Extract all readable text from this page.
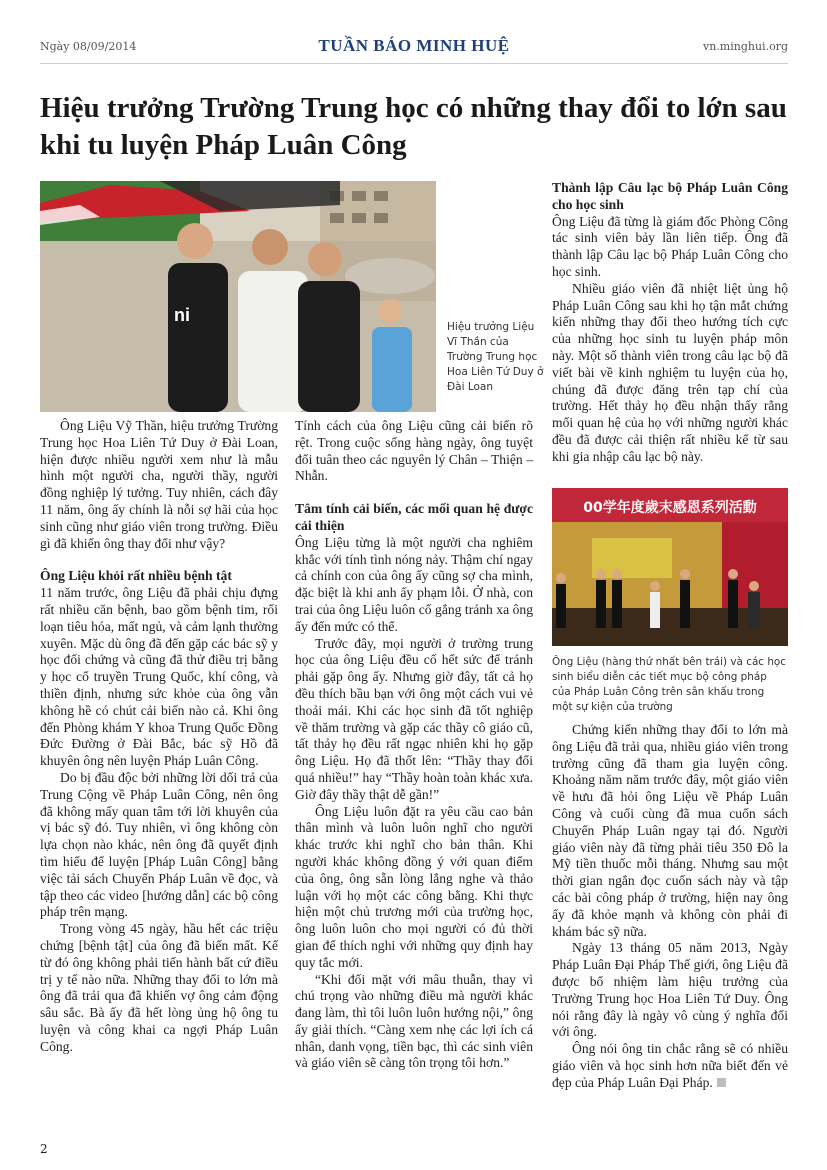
Ngày 08/09/2014	TUẦN BÁO MINH HUỆ	vn.minghui.org
Hiệu trưởng Trường Trung học có những thay đổi to lớn sau khi tu luyện Pháp Luân Công
ni
Hiệu trưởng Liệu Vĩ Thần của Trường Trung học Hoa Liên Tứ Duy ở Đài Loan

Ông Liệu Vỹ Thần, hiệu trưởng Trường Trung học Hoa Liên Tứ Duy ở Đài Loan, hiện được nhiều người xem như là mẫu hình một người cha, người thầy, người đồng nghiệp lý tưởng. Tuy nhiên, cách đây 11 năm, ông ấy chính là nỗi sợ hãi của học sinh cũng như giáo viên trong trường. Điều gì đã khiến ông thay đổi như vậy?

Ông Liệu khỏi rất nhiều bệnh tật

11 năm trước, ông Liệu đã phải chịu đựng rất nhiều căn bệnh, bao gồm bệnh tim, rối loạn tiêu hóa, mất ngủ, và cảm lạnh thường xuyên. Mặc dù ông đã đến gặp các bác sỹ y học đối chứng và cũng đã thử điều trị bằng y học cổ truyền Trung Quốc, khí công, và thiền định, nhưng sức khỏe của ông vẫn không hề có chút cải biến nào cả. Khi ông đến Phòng khám Y khoa Trung Quốc Đồng Đức Đường ở Đài Bắc, bác sỹ Hồ đã khuyên ông nên luyện Pháp Luân Công.

Do bị đầu độc bởi những lời dối trá của Trung Cộng về Pháp Luân Công, nên ông đã không mấy quan tâm tới lời khuyên của vị bác sỹ đó. Tuy nhiên, vì ông không còn lựa chọn nào khác, nên ông đã quyết định tìm hiểu để luyện [Pháp Luân Công] bằng việc tải sách Chuyển Pháp Luân về đọc, và tập theo các video [hướng dẫn] các bộ công pháp trên mạng.

Trong vòng 45 ngày, hầu hết các triệu chứng [bệnh tật] của ông đã biến mất. Kể từ đó ông không phải tiến hành bất cứ điều trị y tế nào nữa. Những thay đổi to lớn mà ông đã trải qua đã khiến vợ ông cảm động sâu sắc. Bà ấy đã hết lòng ủng hộ ông tu luyện và công khai ca ngợi Pháp Luân Công.

Tính cách của ông Liệu cũng cải biến rõ rệt. Trong cuộc sống hàng ngày, ông tuyệt đối tuân theo các nguyên lý Chân – Thiện – Nhẫn.

Tâm tính cải biến, các mối quan hệ được cải thiện

Ông Liệu từng là một người cha nghiêm khắc với tính tình nóng nảy. Thậm chí ngay cả chính con của ông ấy cũng sợ cha mình, đặc biệt là khi anh ấy phạm lỗi. Ở nhà, con trai của ông Liệu luôn cố gắng tránh xa ông ấy đến mức có thể.

Trước đây, mọi người ở trường trung học của ông Liệu đều cố hết sức để tránh phải gặp ông ấy. Nhưng giờ đây, tất cả họ đều thích bầu bạn với ông một cách vui vẻ thoải mái. Khi các học sinh đã tốt nghiệp về thăm trường và gặp các thầy cô giáo cũ, tất thảy họ đều rất ngạc nhiên khi họ gặp ông Liệu. Họ đã thốt lên: “Thầy thay đổi quá nhiều!” hay “Thầy hoàn toàn khác xưa. Giờ đây thầy thật dễ gần!”

Ông Liệu luôn đặt ra yêu cầu cao bản thân mình và luôn luôn nghĩ cho người khác trước khi nghĩ cho bản thân. Khi người khác không đồng ý với quan điểm của ông, ông sẵn lòng lắng nghe và thảo luận với họ một các công bằng. Khi thực hiện một chủ trương mới của trường học, ông luôn luôn cho mọi người có đủ thời gian để thích nghi với những quy định hay quy tắc mới.

“Khi đối mặt với mâu thuẫn, thay vì chú trọng vào những điều mà người khác đang làm, thì tôi luôn luôn hướng nội,” ông ấy giải thích. “Càng xem nhẹ các lợi ích cá nhân, danh vọng, tiền bạc, thì các sinh viên và giáo viên sẽ càng tôn trọng tôi hơn.”

Thành lập Câu lạc bộ Pháp Luân Công cho học sinh

Ông Liệu đã từng là giám đốc Phòng Công tác sinh viên bảy lần liên tiếp. Ông đã thành lập Câu lạc bộ Pháp Luân Công cho học sinh.

Nhiều giáo viên đã nhiệt liệt ủng hộ Pháp Luân Công sau khi họ tận mắt chứng kiến những thay đổi theo hướng tích cực của những học sinh tu luyện pháp môn này. Một số thành viên trong câu lạc bộ đã viết bài về kinh nghiệm tu luyện của họ, chúng đã được đăng trên tạp chí của trường. Hết thảy họ đều nhận thấy rằng mối quan hệ của họ với những người khác đều đã được cải thiện rất nhiều kể từ sau khi gia nhập câu lạc bộ này.

00学年度歲末感恩系列活動
Ông Liệu (hàng thứ nhất bên trái) và các học sinh biểu diễn các tiết mục bộ công pháp của Pháp Luân Công trên sân khấu trong một sự kiện của trường

Chứng kiến những thay đổi to lớn mà ông Liệu đã trải qua, nhiều giáo viên trong trường cũng đã tham gia luyện công. Khoảng năm năm trước đây, một giáo viên về hưu đã hỏi ông Liệu về Pháp Luân Công và cuối cùng đã mua cuốn sách Chuyển Pháp Luân ngay tại đó. Người giáo viên này đã từng phải tiêu 350 Đô la Mỹ tiền thuốc mỗi tháng. Nhưng sau một thời gian ngắn đọc cuốn sách này và tập các bài công pháp ở trường, hiện nay ông ấy đã khỏe mạnh và không còn phải đi khám bác sỹ nữa.

Ngày 13 tháng 05 năm 2013, Ngày Pháp Luân Đại Pháp Thế giới, ông Liệu đã được bổ nhiệm làm hiệu trưởng của Trường Trung học Hoa Liên Tứ Duy. Ông nói rằng đây là ngày vô cùng ý nghĩa đối với ông.

Ông nói ông tin chắc rằng sẽ có nhiều giáo viên và học sinh hơn nữa biết đến vẻ đẹp của Pháp Luân Đại Pháp.

2
